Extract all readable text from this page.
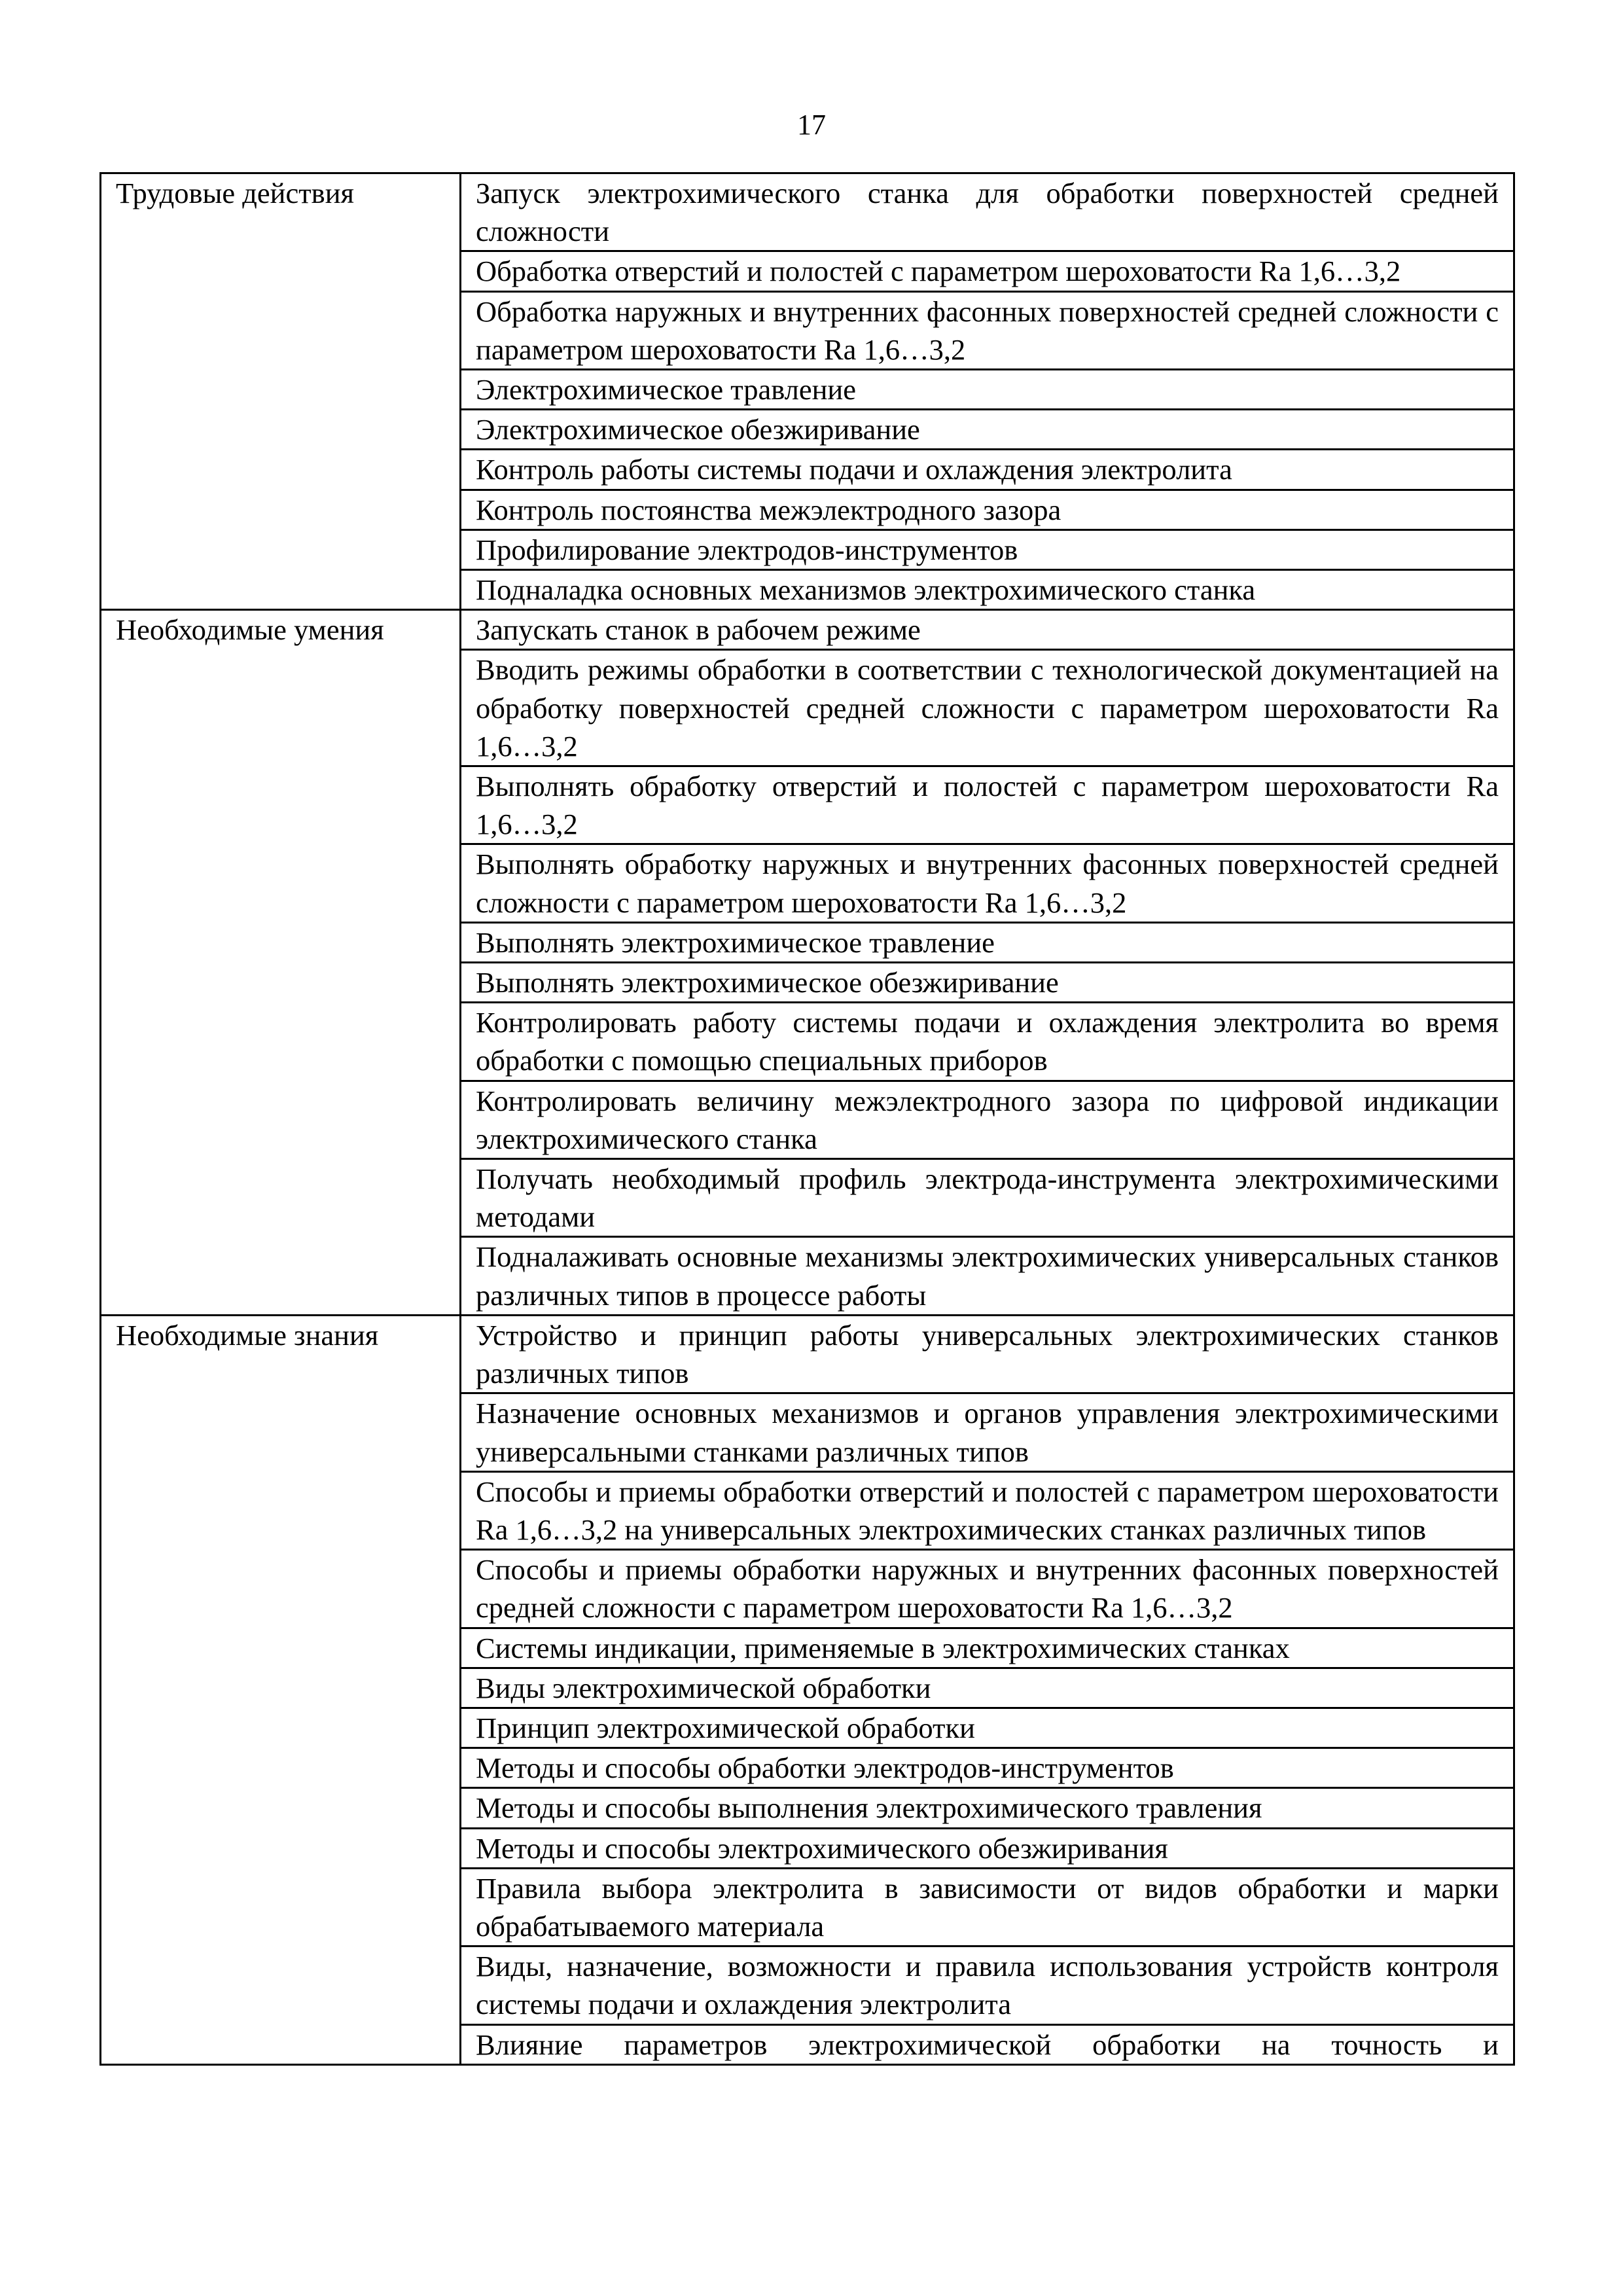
17
Трудовые действия	Запуск электрохимического станка для обработки поверхностей средней сложности
	Обработка отверстий и полостей с параметром шероховатости Ra 1,6…3,2
	Обработка наружных и внутренних фасонных поверхностей средней сложности с параметром шероховатости Ra 1,6…3,2
	Электрохимическое травление
	Электрохимическое обезжиривание
	Контроль работы системы подачи и охлаждения электролита
	Контроль постоянства межэлектродного зазора
	Профилирование электродов-инструментов
	Подналадка основных механизмов электрохимического станка
Необходимые умения	Запускать станок в рабочем режиме
	Вводить режимы обработки в соответствии с технологической документацией на обработку поверхностей средней сложности с параметром шероховатости Ra 1,6…3,2
	Выполнять обработку отверстий и полостей с параметром шероховатости Ra 1,6…3,2
	Выполнять обработку наружных и внутренних фасонных поверхностей средней сложности с параметром шероховатости Ra 1,6…3,2
	Выполнять электрохимическое травление
	Выполнять электрохимическое обезжиривание
	Контролировать работу системы подачи и охлаждения электролита во время обработки с помощью специальных приборов
	Контролировать величину межэлектродного зазора по цифровой индикации электрохимического станка
	Получать необходимый профиль электрода-инструмента электрохимическими методами
	Подналаживать основные механизмы электрохимических универсальных станков различных типов в процессе работы
Необходимые знания	Устройство и принцип работы универсальных электрохимических станков различных типов
	Назначение основных механизмов и органов управления электрохимическими универсальными станками различных типов
	Способы и приемы обработки отверстий и полостей с параметром шероховатости Ra 1,6…3,2 на универсальных электрохимических станках различных типов
	Способы и приемы обработки наружных и внутренних фасонных поверхностей средней сложности с параметром шероховатости Ra 1,6…3,2
	Системы индикации, применяемые в электрохимических станках
	Виды электрохимической обработки
	Принцип электрохимической обработки
	Методы и способы обработки электродов-инструментов
	Методы и способы выполнения электрохимического травления
	Методы и способы электрохимического обезжиривания
	Правила выбора электролита в зависимости от видов обработки и марки обрабатываемого материала
	Виды, назначение, возможности и правила использования устройств контроля системы подачи и охлаждения электролита
	Влияние параметров электрохимической обработки на точность и
